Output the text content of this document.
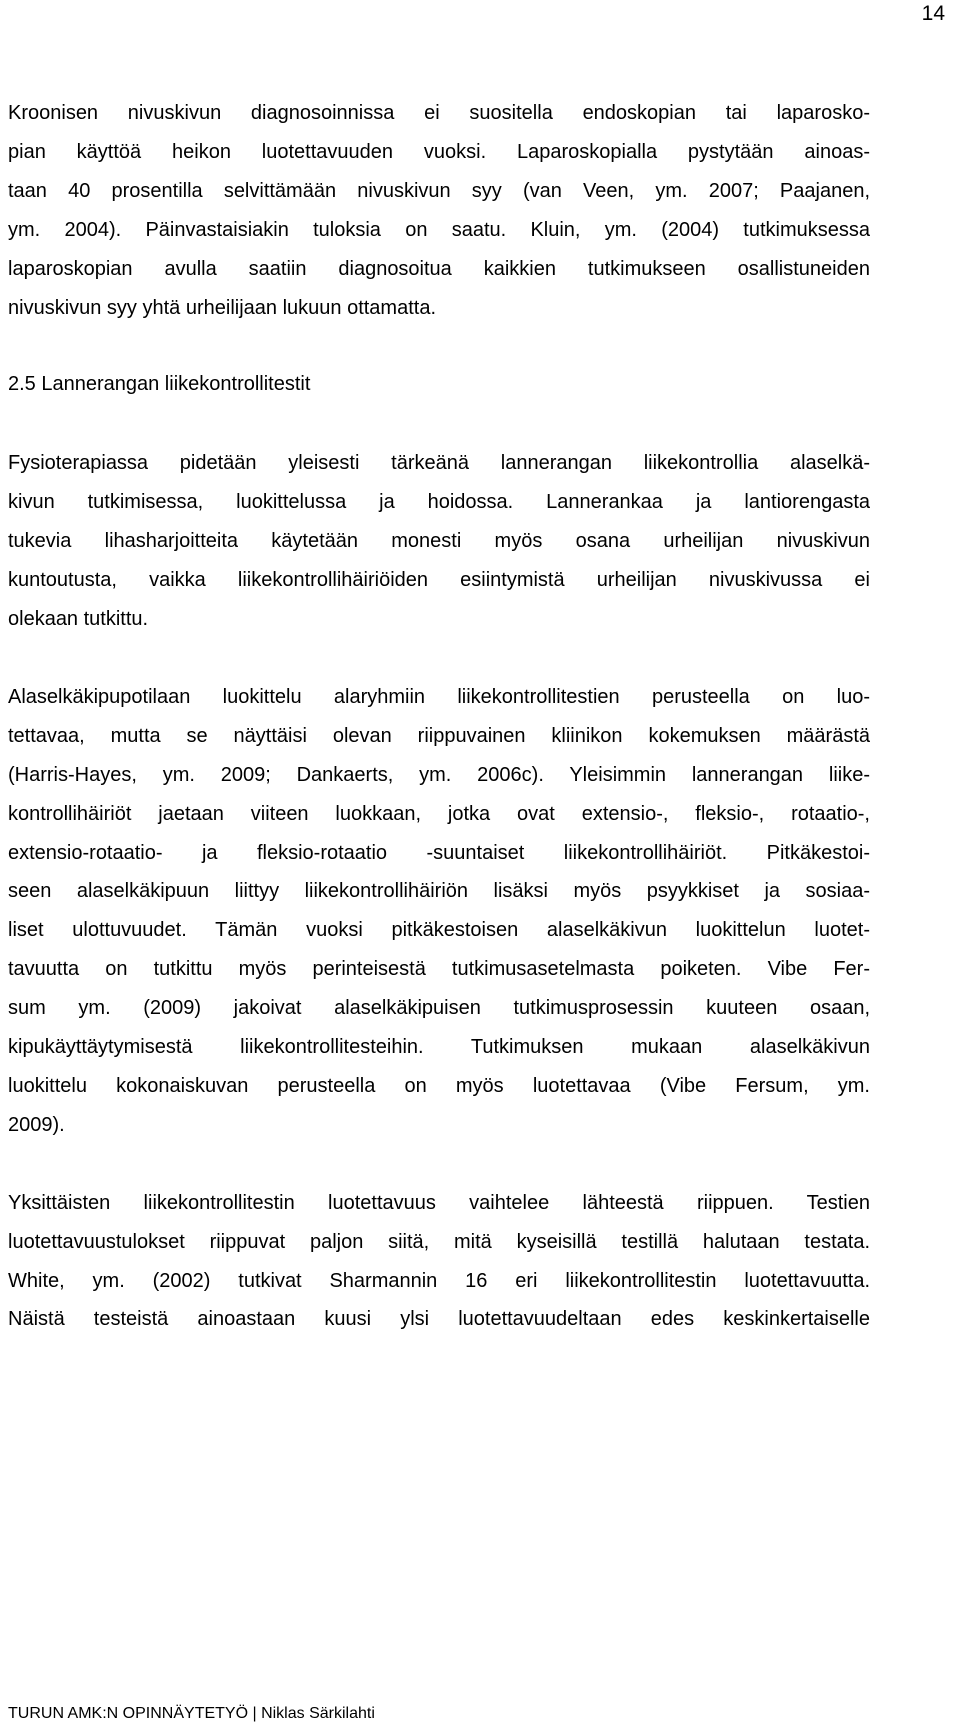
14

Kroonisen nivuskivun diagnosoinnissa ei suositella endoskopian tai laparosko-
pian käyttöä heikon luotettavuuden vuoksi. Laparoskopialla pystytään ainoas-
taan 40 prosentilla selvittämään nivuskivun syy (van Veen, ym. 2007; Paajanen,
ym. 2004). Päinvastaisiakin tuloksia on saatu. Kluin, ym. (2004) tutkimuksessa
laparoskopian avulla saatiin diagnosoitua kaikkien tutkimukseen osallistuneiden
nivuskivun syy yhtä urheilijaan lukuun ottamatta.

2.5 Lannerangan liikekontrollitestit

Fysioterapiassa pidetään yleisesti tärkeänä lannerangan liikekontrollia alaselkä-
kivun tutkimisessa, luokittelussa ja hoidossa. Lannerankaa ja lantiorengasta
tukevia lihasharjoitteita käytetään monesti myös osana urheilijan nivuskivun
kuntoutusta, vaikka liikekontrollihäiriöiden esiintymistä urheilijan nivuskivussa ei
olekaan tutkittu.

Alaselkäkipupotilaan luokittelu alaryhmiin liikekontrollitestien perusteella on luo-
tettavaa, mutta se näyttäisi olevan riippuvainen kliinikon kokemuksen määrästä
(Harris-Hayes, ym. 2009; Dankaerts, ym. 2006c). Yleisimmin lannerangan liike-
kontrollihäiriöt jaetaan viiteen luokkaan, jotka ovat extensio-, fleksio-, rotaatio-,
extensio-rotaatio- ja fleksio-rotaatio -suuntaiset liikekontrollihäiriöt. Pitkäkestoi-
seen alaselkäkipuun liittyy liikekontrollihäiriön lisäksi myös psyykkiset ja sosiaa-
liset ulottuvuudet. Tämän vuoksi pitkäkestoisen alaselkäkivun luokittelun luotet-
tavuutta on tutkittu myös perinteisestä tutkimusasetelmasta poiketen. Vibe Fer-
sum ym. (2009) jakoivat alaselkäkipuisen tutkimusprosessin kuuteen osaan,
kipukäyttäytymisestä liikekontrollitesteihin. Tutkimuksen mukaan alaselkäkivun
luokittelu kokonaiskuvan perusteella on myös luotettavaa (Vibe Fersum, ym.
2009).

Yksittäisten liikekontrollitestin luotettavuus vaihtelee lähteestä riippuen. Testien
luotettavuustulokset riippuvat paljon siitä, mitä kyseisillä testillä halutaan testata.
White, ym. (2002) tutkivat Sharmannin 16 eri liikekontrollitestin luotettavuutta.
Näistä testeistä ainoastaan kuusi ylsi luotettavuudeltaan edes keskinkertaiselle

TURUN AMK:N OPINNÄYTETYÖ | Niklas Särkilahti
